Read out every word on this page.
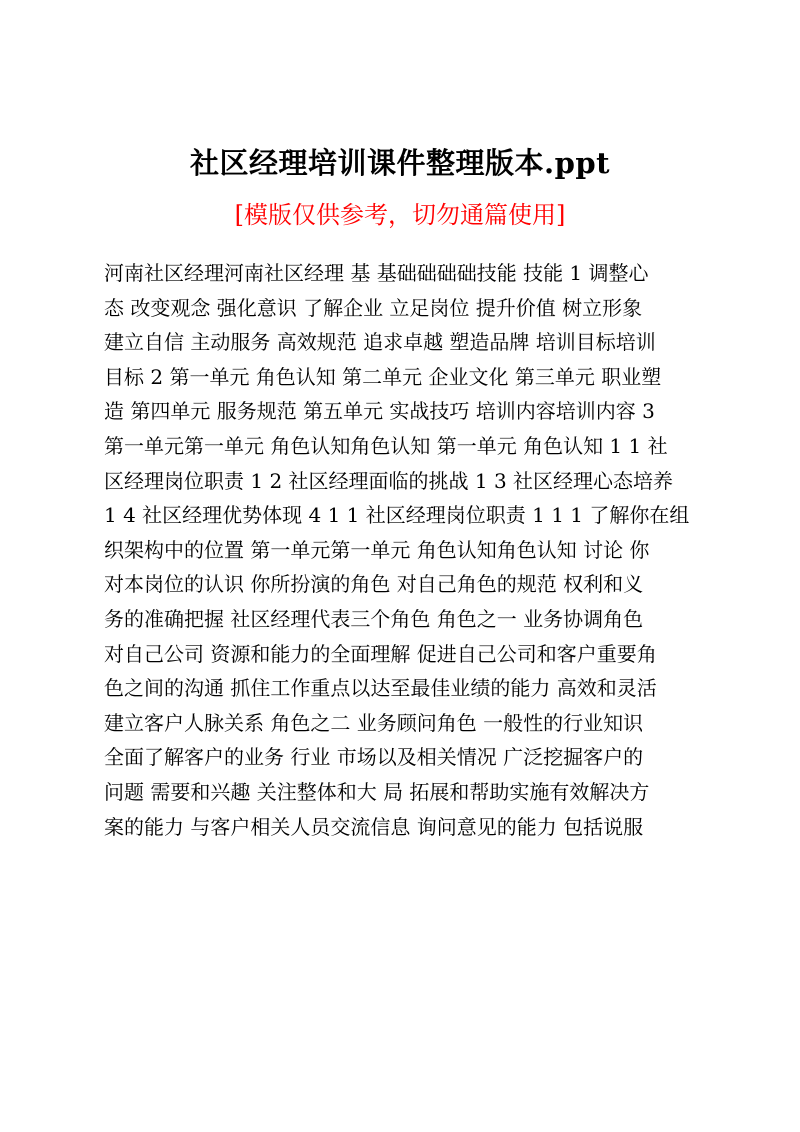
社区经理培训课件整理版本.ppt
[模版仅供参考，切勿通篇使用]
河南社区经理河南社区经理 基 基础础础础技能 技能 1 调整心
态 改变观念 强化意识 了解企业 立足岗位 提升价值 树立形象
建立自信 主动服务 高效规范 追求卓越 塑造品牌 培训目标培训
目标 2 第一单元 角色认知 第二单元 企业文化 第三单元 职业塑
造 第四单元 服务规范 第五单元 实战技巧 培训内容培训内容 3
第一单元第一单元 角色认知角色认知 第一单元 角色认知 1 1 社
区经理岗位职责 1 2 社区经理面临的挑战 1 3 社区经理心态培养
1 4 社区经理优势体现 4 1 1 社区经理岗位职责 1 1 1 了解你在组
织架构中的位置 第一单元第一单元 角色认知角色认知 讨论 你
对本岗位的认识 你所扮演的角色 对自己角色的规范 权利和义
务的准确把握 社区经理代表三个角色 角色之一 业务协调角色
对自己公司 资源和能力的全面理解 促进自己公司和客户重要角
色之间的沟通 抓住工作重点以达至最佳业绩的能力 高效和灵活
建立客户人脉关系 角色之二 业务顾问角色 一般性的行业知识
全面了解客户的业务 行业 市场以及相关情况 广泛挖掘客户的
问题 需要和兴趣 关注整体和大 局 拓展和帮助实施有效解决方
案的能力 与客户相关人员交流信息 询问意见的能力 包括说服
